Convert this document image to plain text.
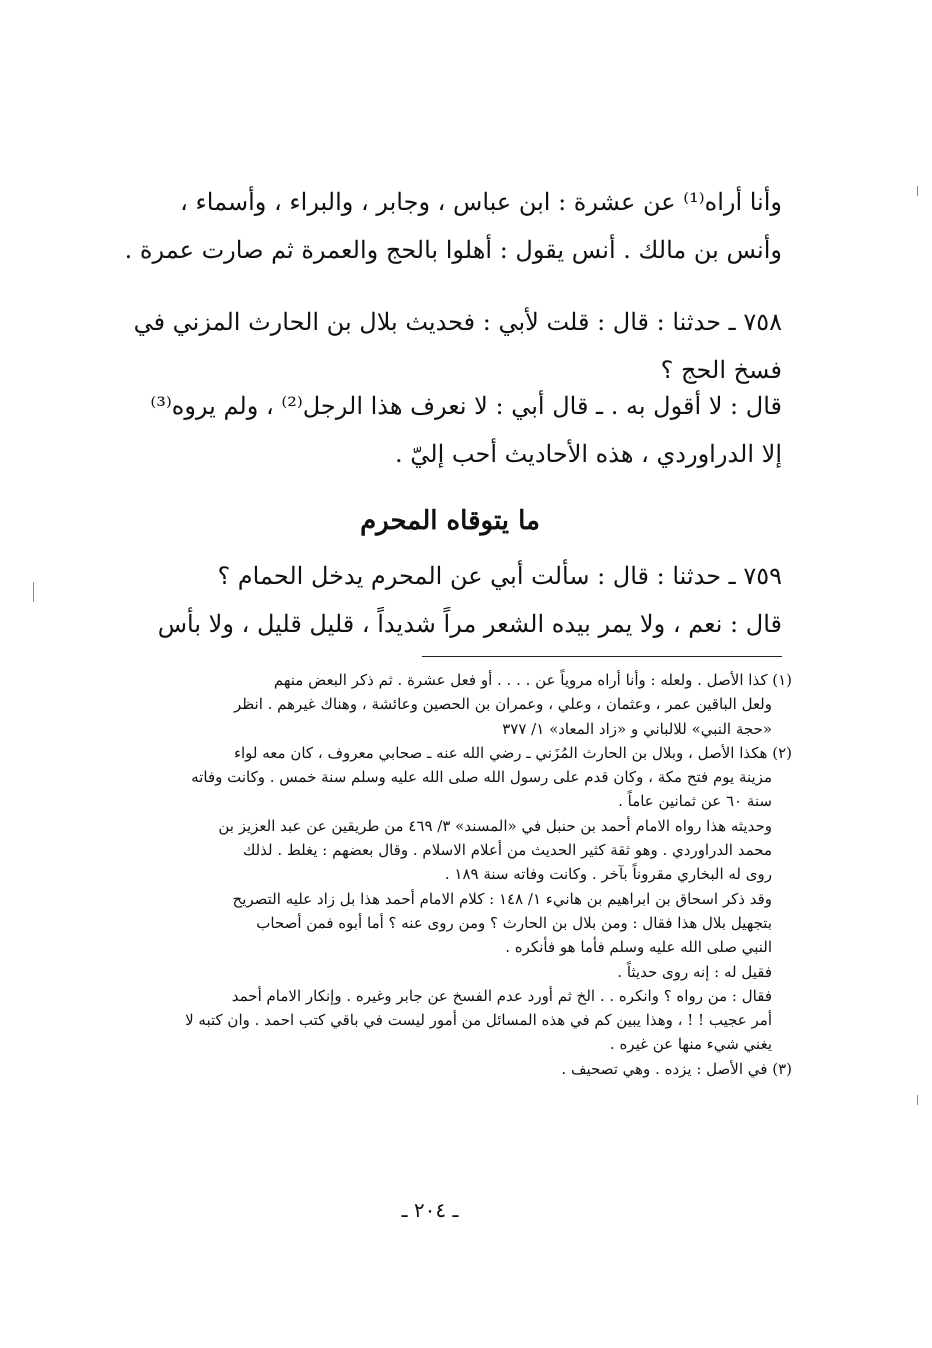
وأنا أراه⁽¹⁾ عن عشرة : ابن عباس ، وجابر ، والبراء ، وأسماء ،
وأنس بن مالك . أنس يقول : أهلوا بالحج والعمرة ثم صارت عمرة .
٧٥٨ ـ حدثنا : قال : قلت لأبي : فحديث بلال بن الحارث المزني في
فسخ الحج ؟
قال : لا أقول به . ـ قال أبي : لا نعرف هذا الرجل⁽²⁾ ، ولم يروه⁽³⁾
إلا الدراوردي ، هذه الأحاديث أحب إليّ .
ما يتوقاه المحرم
٧٥٩ ـ حدثنا : قال : سألت أبي عن المحرم يدخل الحمام ؟
قال : نعم ، ولا يمر بيده الشعر مراً شديداً ، قليل قليل ، ولا بأس
(١) كذا الأصل . ولعله : وأنا أراه مروياً عن . . . . أو فعل عشرة . ثم ذكر البعض منهم
ولعل الباقين عمر ، وعثمان ، وعلي ، وعمران بن الحصين وعائشة ، وهناك غيرهم . انظر
«حجة النبي» للالباني و «زاد المعاد» ١/ ٣٧٧
(٢) هكذا الأصل ، وبلال بن الحارث المُزَني ـ رضي الله عنه ـ صحابي معروف ، كان معه لواء
مزينة يوم فتح مكة ، وكان قدم على رسول الله صلى الله عليه وسلم سنة خمس . وكانت وفاته
سنة ٦٠ عن ثمانين عاماً .
وحديثه هذا رواه الامام أحمد بن حنبل في «المسند» ٣/ ٤٦٩ من طريقين عن عبد العزيز بن
محمد الدراوردي . وهو ثقة كثير الحديث من أعلام الاسلام . وقال بعضهم : يغلط . لذلك
روى له البخاري مقروناً بآخر . وكانت وفاته سنة ١٨٩ .
وقد ذكر اسحاق بن ابراهيم بن هانيء ١/ ١٤٨ : كلام الامام أحمد هذا بل زاد عليه التصريح
بتجهيل بلال هذا فقال : ومن بلال بن الحارث ؟ ومن روى عنه ؟ أما أبوه فمن أصحاب
النبي صلى الله عليه وسلم فأما هو فأنكره .
فقيل له : إنه روى حديثاً .
فقال : من رواه ؟ وانكره . . الخ ثم أورد عدم الفسخ عن جابر وغيره . وإنكار الامام أحمد
أمر عجيب ! ! ، وهذا يبين كم في هذه المسائل من أمور ليست في باقي كتب احمد . وان كتبه لا
يغني شيء منها عن غيره .
(٣) في الأصل : يزده . وهي تصحيف .
ـ ٢٠٤ ـ
